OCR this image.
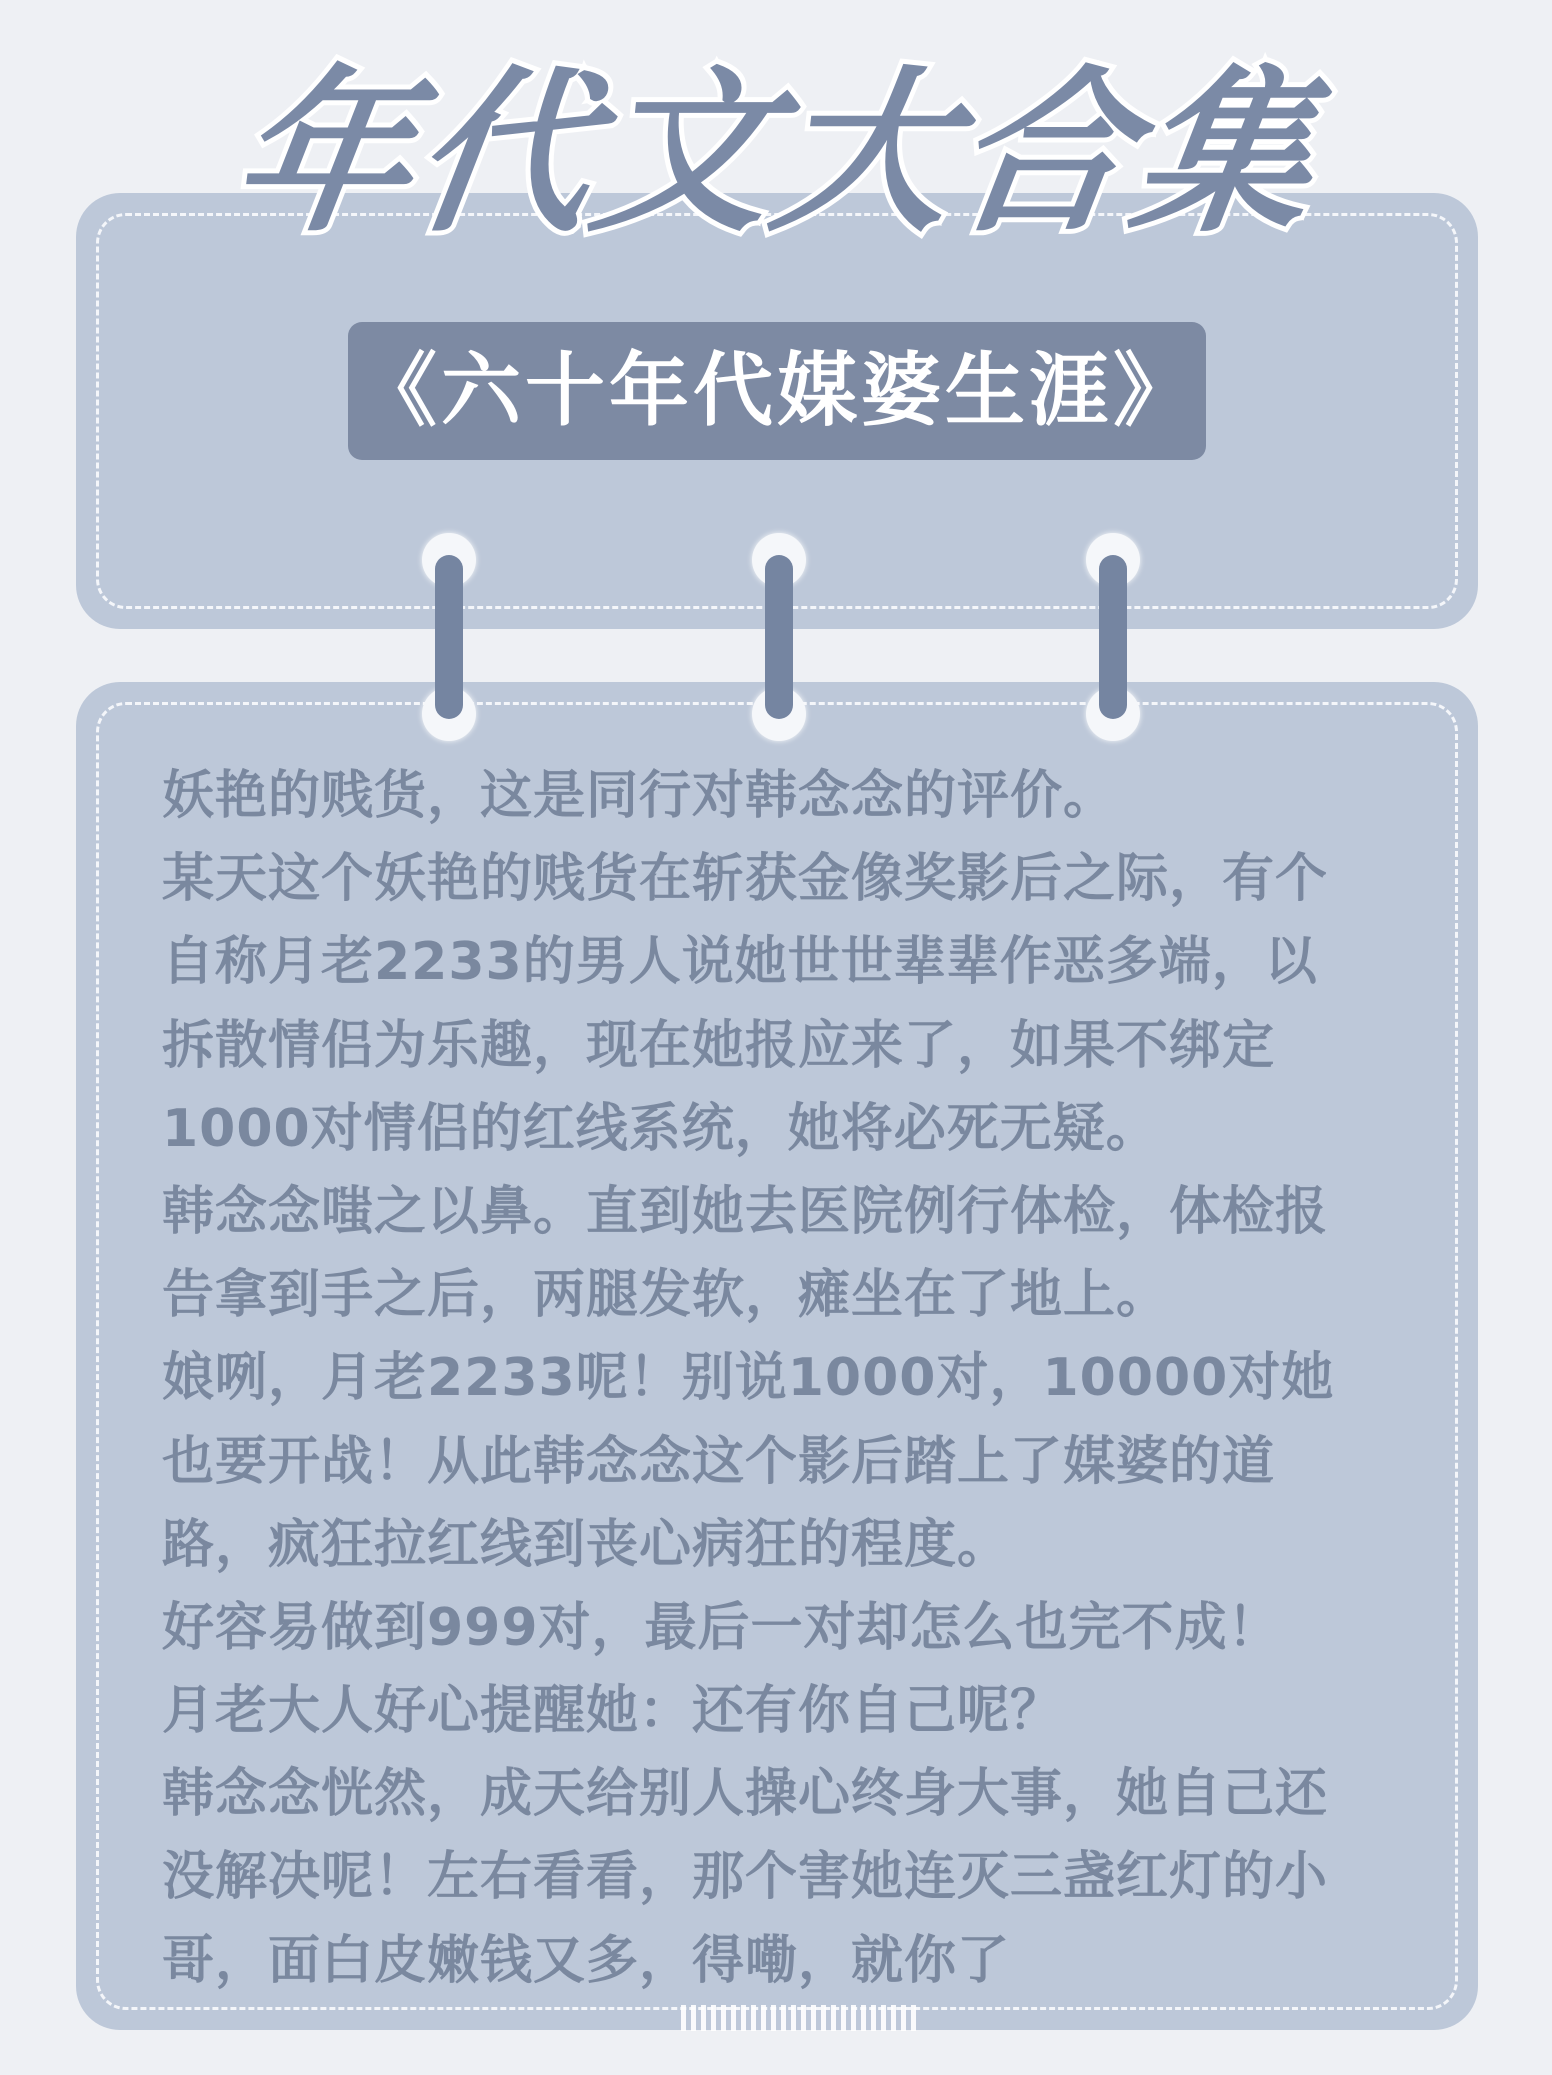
年代文大合集
《六十年代媒婆生涯》
妖艳的贱货，这是同行对韩念念的评价。
某天这个妖艳的贱货在斩获金像奖影后之际，有个
自称月老2233的男人说她世世辈辈作恶多端，以
拆散情侣为乐趣，现在她报应来了，如果不绑定
1000对情侣的红线系统，她将必死无疑。
韩念念嗤之以鼻。直到她去医院例行体检，体检报
告拿到手之后，两腿发软，瘫坐在了地上。
娘咧，月老2233呢！别说1000对，10000对她
也要开战！从此韩念念这个影后踏上了媒婆的道
路，疯狂拉红线到丧心病狂的程度。
好容易做到999对，最后一对却怎么也完不成！
月老大人好心提醒她：还有你自己呢？
韩念念恍然，成天给别人操心终身大事，她自己还
没解决呢！左右看看，那个害她连灭三盏红灯的小
哥，面白皮嫩钱又多，得嘞，就你了
